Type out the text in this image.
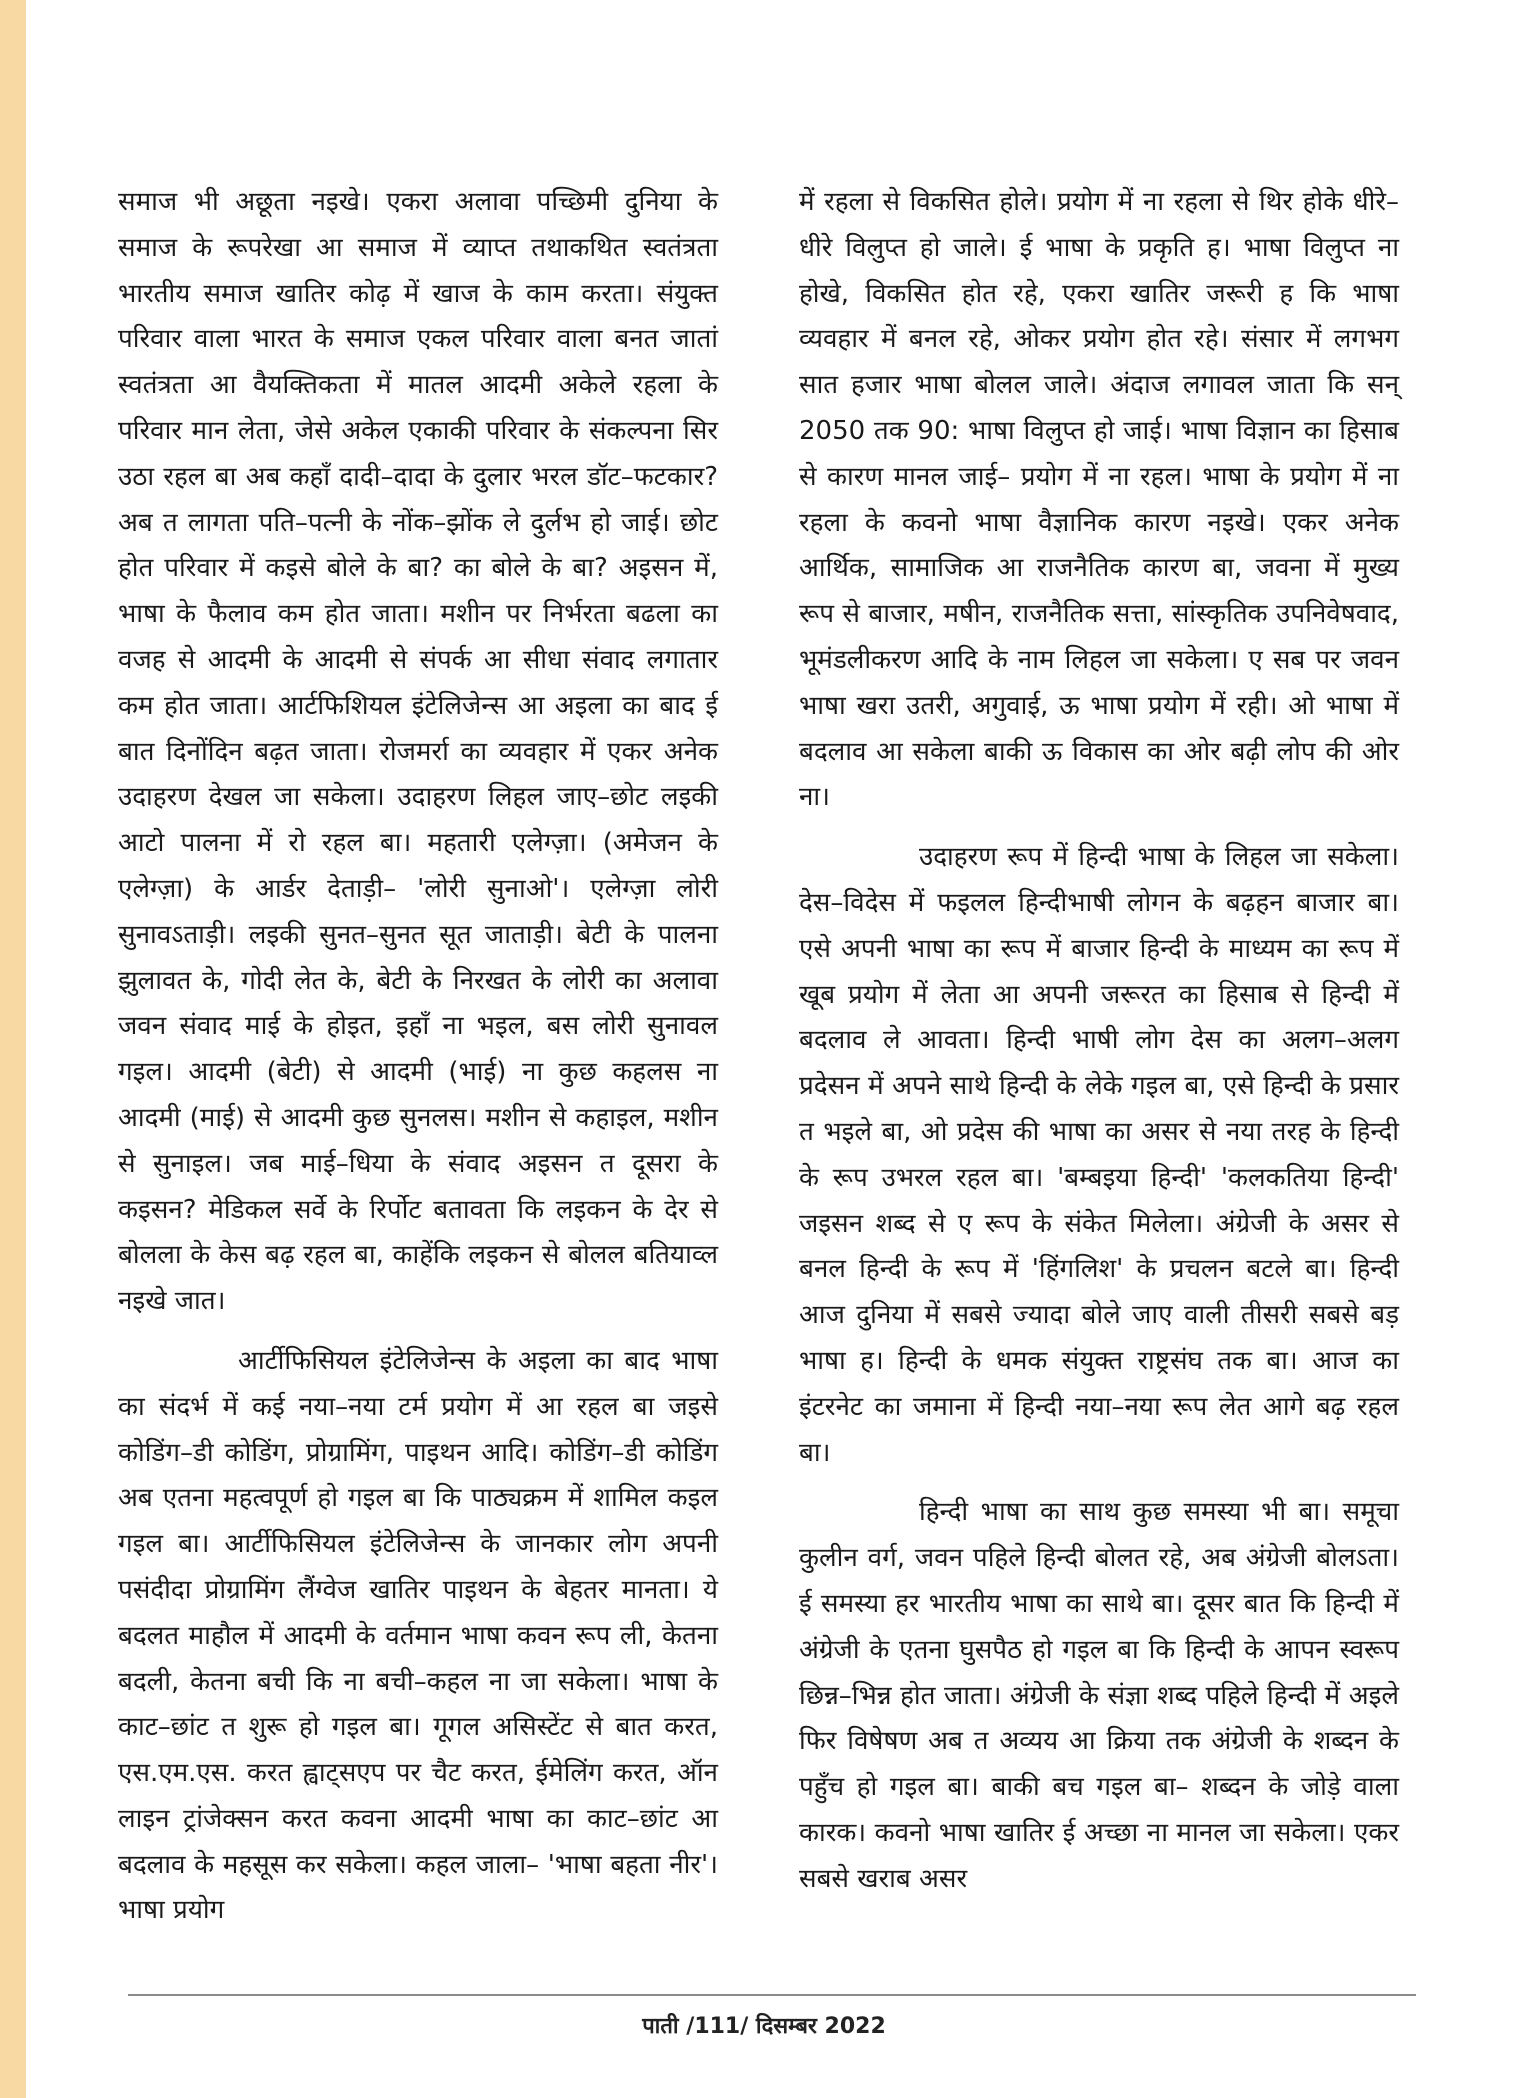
समाज भी अछूता नइखे। एकरा अलावा पच्छिमी दुनिया के समाज के रूपरेखा आ समाज में व्याप्त तथाकथित स्वतंत्रता भारतीय समाज खातिर कोढ़ में खाज के काम करता। संयुक्त परिवार वाला भारत के समाज एकल परिवार वाला बनत जातां स्वतंत्रता आ वैयक्तिकता में मातल आदमी अकेले रहला के परिवार मान लेता, जेसे अकेल एकाकी परिवार के संकल्पना सिर उठा रहल बा अब कहाँ दादी–दादा के दुलार भरल डॉट–फटकार? अब त लागता पति–पत्नी के नोंक–झोंक ले दुर्लभ हो जाई। छोट होत परिवार में कइसे बोले के बा? का बोले के बा? अइसन में, भाषा के फैलाव कम होत जाता। मशीन पर निर्भरता बढला का वजह से आदमी के आदमी से संपर्क आ सीधा संवाद लगातार कम होत जाता। आर्टफिशियल इंटेलिजेन्स आ अइला का बाद ई बात दिनोंदिन बढ़त जाता। रोजमर्रा का व्यवहार में एकर अनेक उदाहरण देखल जा सकेला। उदाहरण लिहल जाए–छोट लइकी आटो पालना में रो रहल बा। महतारी एलेग्ज़ा। (अमेजन के एलेग्ज़ा) के आर्डर देताड़ी– 'लोरी सुनाओ'। एलेग्ज़ा लोरी सुनावऽताड़ी। लइकी सुनत–सुनत सूत जाताड़ी। बेटी के पालना झुलावत के, गोदी लेत के, बेटी के निरखत के लोरी का अलावा जवन संवाद माई के होइत, इहाँ ना भइल, बस लोरी सुनावल गइल। आदमी (बेटी) से आदमी (भाई) ना कुछ कहलस ना आदमी (माई) से आदमी कुछ सुनलस। मशीन से कहाइल, मशीन से सुनाइल। जब माई–धिया के संवाद अइसन त दूसरा के कइसन? मेडिकल सर्वे के रिर्पोट बतावता कि लइकन के देर से बोलला के केस बढ़ रहल बा, काहेंकि लइकन से बोलल बतियाव्ल नइखे जात।

आर्टीफिसियल इंटेलिजेन्स के अइला का बाद भाषा का संदर्भ में कई नया–नया टर्म प्रयोग में आ रहल बा जइसे कोडिंग–डी कोडिंग, प्रोग्रामिंग, पाइथन आदि। कोडिंग–डी कोडिंग अब एतना महत्वपूर्ण हो गइल बा कि पाठ्यक्रम में शामिल कइल गइल बा। आर्टीफिसियल इंटेलिजेन्स के जानकार लोग अपनी पसंदीदा प्रोग्रामिंग लैंग्वेज खातिर पाइथन के बेहतर मानता। ये बदलत माहौल में आदमी के वर्तमान भाषा कवन रूप ली, केतना बदली, केतना बची कि ना बची–कहल ना जा सकेला। भाषा के काट–छांट त शुरू हो गइल बा। गूगल असिस्टेंट से बात करत, एस.एम.एस. करत ह्वाट्सएप पर चैट करत, ईमेलिंग करत, ऑन लाइन ट्रांजेक्सन करत कवना आदमी भाषा का काट–छांट आ बदलाव के महसूस कर सकेला। कहल जाला– 'भाषा बहता नीर'। भाषा प्रयोग

में रहला से विकसित होले। प्रयोग में ना रहला से थिर होके धीरे–धीरे विलुप्त हो जाले। ई भाषा के प्रकृति ह। भाषा विलुप्त ना होखे, विकसित होत रहे, एकरा खातिर जरूरी ह कि भाषा व्यवहार में बनल रहे, ओकर प्रयोग होत रहे। संसार में लगभग सात हजार भाषा बोलल जाले। अंदाज लगावल जाता कि सन् 2050 तक 90: भाषा विलुप्त हो जाई। भाषा विज्ञान का हिसाब से कारण मानल जाई– प्रयोग में ना रहल। भाषा के प्रयोग में ना रहला के कवनो भाषा वैज्ञानिक कारण नइखे। एकर अनेक आर्थिक, सामाजिक आ राजनैतिक कारण बा, जवना में मुख्य रूप से बाजार, मषीन, राजनैतिक सत्ता, सांस्कृतिक उपनिवेषवाद, भूमंडलीकरण आदि के नाम लिहल जा सकेला। ए सब पर जवन भाषा खरा उतरी, अगुवाई, ऊ भाषा प्रयोग में रही। ओ भाषा में बदलाव आ सकेला बाकी ऊ विकास का ओर बढ़ी लोप की ओर ना।

उदाहरण रूप में हिन्दी भाषा के लिहल जा सकेला। देस–विदेस में फइलल हिन्दीभाषी लोगन के बढ़हन बाजार बा। एसे अपनी भाषा का रूप में बाजार हिन्दी के माध्यम का रूप में खूब प्रयोग में लेता आ अपनी जरूरत का हिसाब से हिन्दी में बदलाव ले आवता। हिन्दी भाषी लोग देस का अलग–अलग प्रदेसन में अपने साथे हिन्दी के लेके गइल बा, एसे हिन्दी के प्रसार त भइले बा, ओ प्रदेस की भाषा का असर से नया तरह के हिन्दी के रूप उभरल रहल बा। 'बम्बइया हिन्दी' 'कलकतिया हिन्दी' जइसन शब्द से ए रूप के संकेत मिलेला। अंग्रेजी के असर से बनल हिन्दी के रूप में 'हिंगलिश' के प्रचलन बटले बा। हिन्दी आज दुनिया में सबसे ज्यादा बोले जाए वाली तीसरी सबसे बड़ भाषा ह। हिन्दी के धमक संयुक्त राष्ट्रसंघ तक बा। आज का इंटरनेट का जमाना में हिन्दी नया–नया रूप लेत आगे बढ़ रहल बा।

हिन्दी भाषा का साथ कुछ समस्या भी बा। समूचा कुलीन वर्ग, जवन पहिले हिन्दी बोलत रहे, अब अंग्रेजी बोलऽता। ई समस्या हर भारतीय भाषा का साथे बा। दूसर बात कि हिन्दी में अंग्रेजी के एतना घुसपैठ हो गइल बा कि हिन्दी के आपन स्वरूप छिन्न–भिन्न होत जाता। अंग्रेजी के संज्ञा शब्द पहिले हिन्दी में अइले फिर विषेषण अब त अव्यय आ क्रिया तक अंग्रेजी के शब्दन के पहुँच हो गइल बा। बाकी बच गइल बा– शब्दन के जोड़े वाला कारक। कवनो भाषा खातिर ई अच्छा ना मानल जा सकेला। एकर सबसे खराब असर

पाती /111/ दिसम्बर 2022
